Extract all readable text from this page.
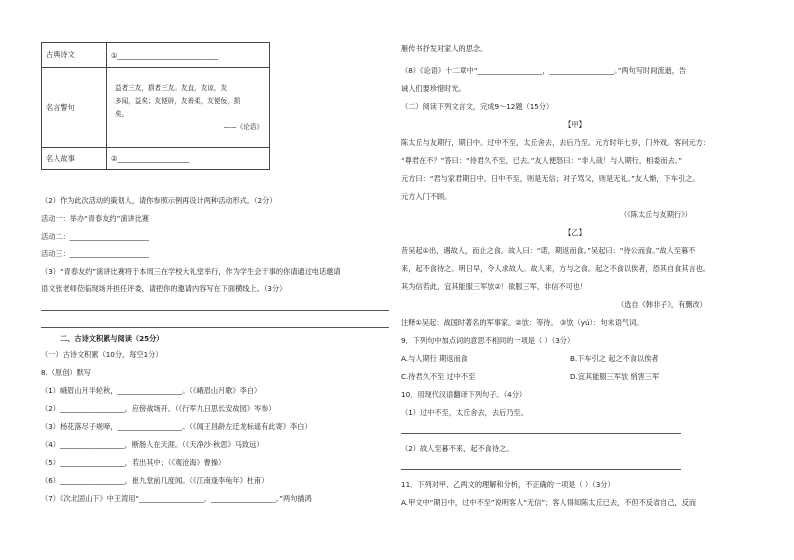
古典诗文	①____________________________
名言警句	益者三友，损者三友。友直，友谅，友
多闻，益矣；友便辟，友善柔，友便佞，损
矣。
——《论语》

名人故事	②____________________
（2）作为此次活动的策划人，请你参照示例再设计两种活动形式。（2分）
活动一：举办“青春友约”演讲比赛
活动二：______________________
活动三：______________________
（3）“青春友约”演讲比赛将于本周三在学校大礼堂举行，作为学生会干事的你请通过电话邀请
语文张老师莅临现场并担任评委，请把你的邀请内容写在下面横线上。（3分）
二、古诗文积累与阅读（25分）
（一）古诗文积累（10分，每空1分）
8.（原创）默写
（1）峨眉山月半轮秋，__________________。（《峨眉山月歌》李白）
（2）__________________，应傍战场开。（《行军九日思长安故园》岑参）
（3）杨花落尽子规啼，__________________。（《闻王昌龄左迁龙标遥有此寄》李白）
（4）__________________，断肠人在天涯。（《天净沙·秋思》马致远）
（5）__________________，若出其中；（《观沧海》曹操）
（6）__________________，崔九堂前几度闻。（《江南逢李龟年》杜甫）
（7）《次北固山下》中王湾用“__________________，__________________。”两句描鸿
雁传书抒发对家人的思念。
（8）《论语》十二章中“__________________，__________________。”两句写时间流逝，告
诫人们要珍惜时光。
（二）阅读下列文言文，完成9～12题（15分）
【甲】
陈太丘与友期行，期日中。过中不至，太丘舍去，去后乃至。元方时年七岁，门外戏。客问元方：
“尊君在不？”答曰：“待君久不至，已去。”友人便怒曰：“非人哉！与人期行，相委而去。”
元方曰：“君与家君期日中。日中不至，则是无信；对子骂父，则是无礼。”友人惭，下车引之。
元方入门不顾。
（《陈太丘与友期行》）
【乙】
昔吴起①出，遇故人，而止之食。故人曰：“诺，期返而食。”吴起曰：“待公而食。”故人至暮不
来，起不食待之。明日早，令人求故人。故人来，方与之食。起之不食以俟者，恐其自食其言也。
其为信若此，宜其能服三军欤②！欲服三军，非信不可也！
（选自《韩非子》，有删改）
注释①吴起：战国时著名的军事家。②欤：等待。 ③欤（yú）：句末语气词。
9．下列句中加点词的意思不相同的一项是（ ）（3分）
A.与人期行 期返而食	B.下车引之 起之不食以俟者
C.待君久不至 过中不至	D.宜其能服三军欤 悄害三军
10．用现代汉语翻译下列句子。（4分）
（1）过中不至，太丘舍去，去后乃至。
（2）故人至暮不来，起不食待之。
11．下列对甲、乙两文的理解和分析，不正确的一项是（ ）（3分）
A.甲文中“期日中，过中不至”说明客人“无信”；客人得知陈太丘已去，不但不反省自己，反而
